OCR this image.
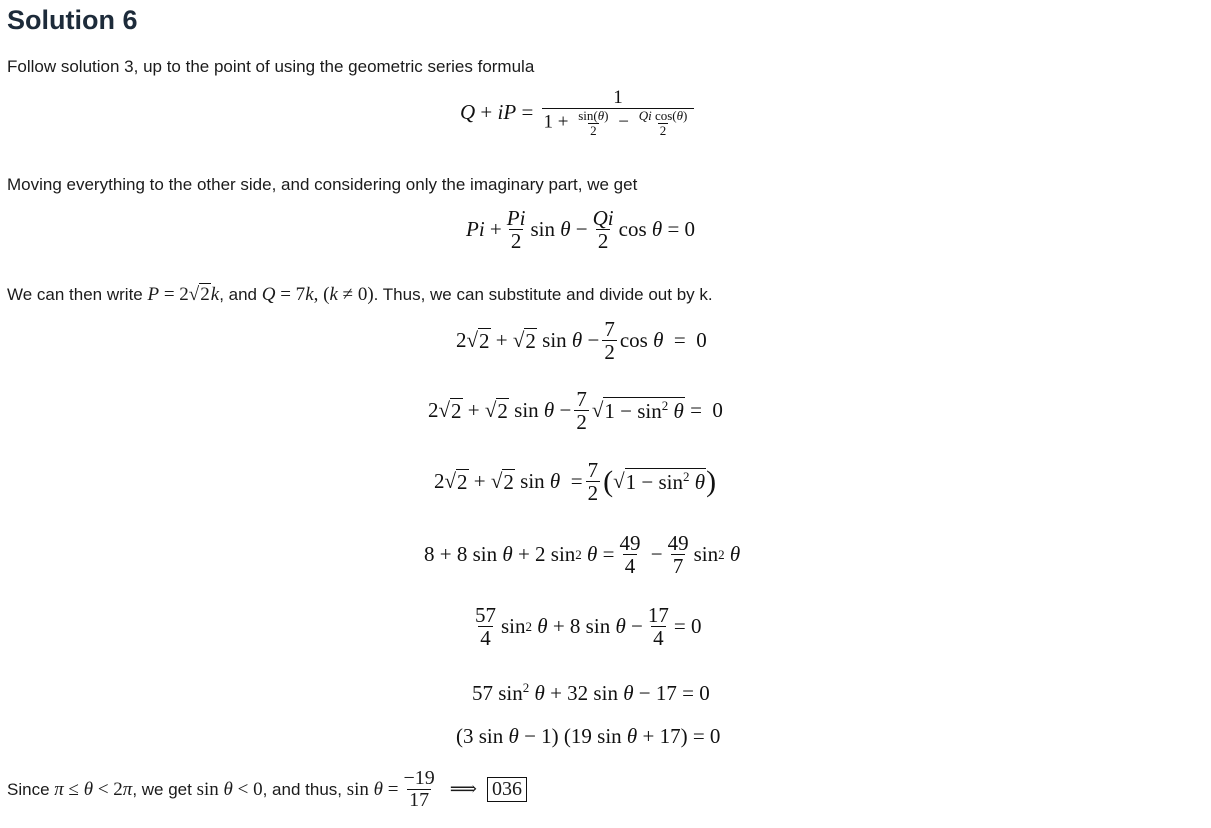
Solution 6
Follow solution 3, up to the point of using the geometric series formula
Q + iP = $\frac{1}{1 + \frac{\sin(\theta)}{2} - \frac{\text{Qi cos(θ)}}{2}}$
Moving everything to the other side, and considering only the imaginary part, we get
$Pi + \frac{Pi}{2}$ $\sin \theta - \frac{Qi}{2}$ cos θ = 0
We can then write P = 2√2k, and Q = 7k, (k ≠ 0). Thus, we can substitute and divide out by k.
2√ 2 + √ 2 $\sin \theta - \frac{7}{2}$ cos θ =  0
2√ 2 + √ 2 $\sin \theta - \frac{7}{2}$ √ $1 - \sin^2 \theta = 0$
2√ 2 + √ 2 $\sin \theta = \frac{7}{2}$ ( √ $1 - \sin^2 \theta$ )
8 + 8 sin θ + 2 sin 2
$\theta = \frac{49}{4} - \frac{49}{7}$ sin 2
θ
$\frac{57}{4}$ sin 2
θ + 8 $\sin \theta - \frac{17}{4} = 0$
57 $\sin^2 \theta + 32$ sin θ − 17 = 0
(3 sin θ − 1) (19 sin θ + 17) = 0
Since
π ≤ θ < 2π , we get
sin θ < 0 , and thus,
$\sin \theta = \frac{-19}{17}$ ⟹ 036
